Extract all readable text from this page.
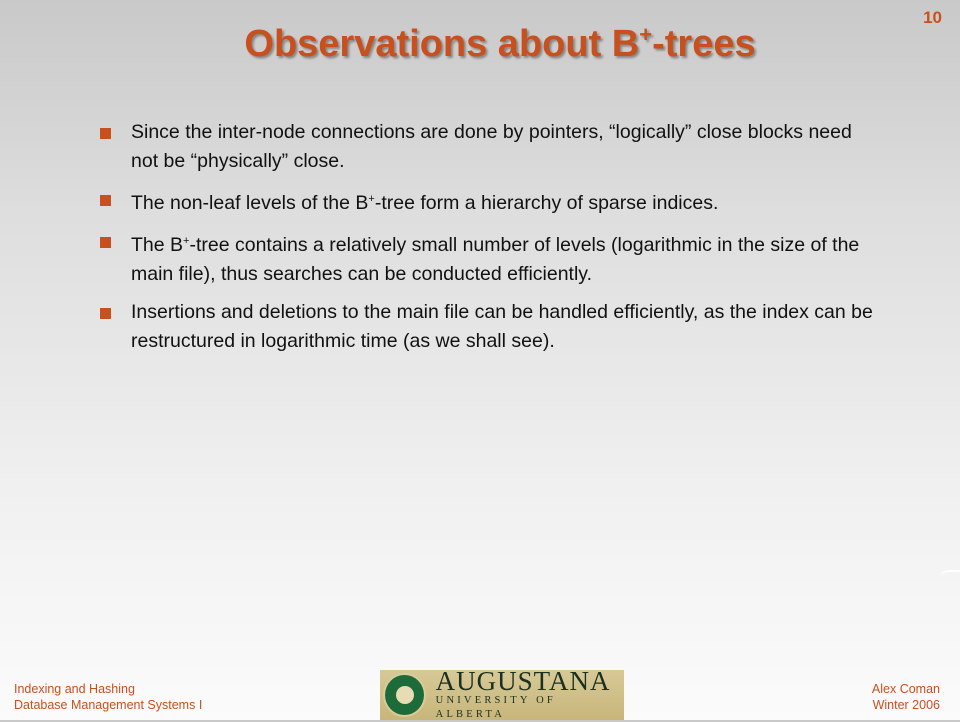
10
Observations about B+-trees
Since the inter-node connections are done by pointers, “logically” close blocks need not be “physically” close.
The non-leaf levels of the B+-tree form a hierarchy of sparse indices.
The B+-tree contains a relatively small number of levels (logarithmic in the size of the main file), thus searches can be conducted efficiently.
Insertions and deletions to the main file can be handled efficiently, as the index can be restructured in logarithmic time (as we shall see).
Indexing and Hashing
Database Management Systems I
AUGUSTANA
UNIVERSITY OF ALBERTA
Alex Coman
Winter 2006
